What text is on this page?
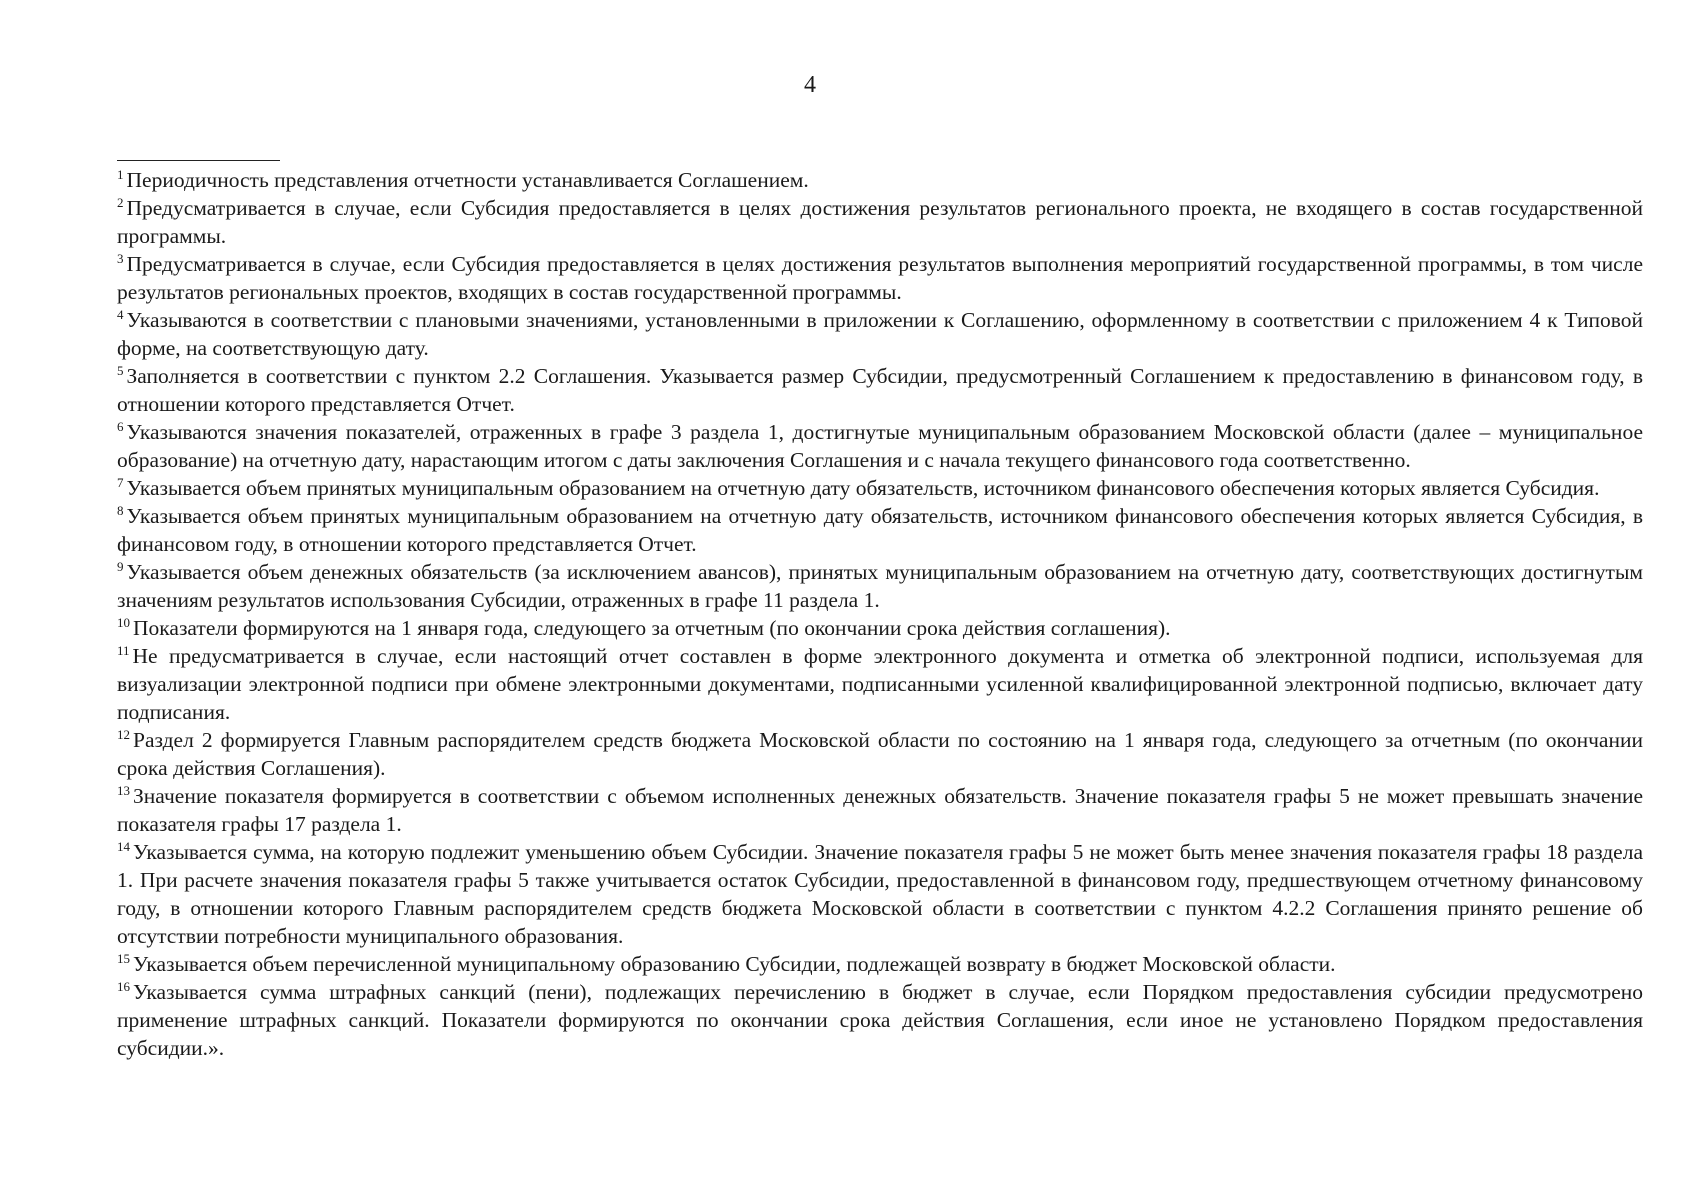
4

$^1$ Периодичность представления отчетности устанавливается Соглашением.

$^2$ Предусматривается в случае, если Субсидия предоставляется в целях достижения результатов регионального проекта, не входящего в состав государственной программы.

$^3$ Предусматривается в случае, если Субсидия предоставляется в целях достижения результатов выполнения мероприятий государственной программы, в том числе результатов региональных проектов, входящих в состав государственной программы.

$^4$ Указываются в соответствии с плановыми значениями, установленными в приложении к Соглашению, оформленному в соответствии с приложением 4 к Типовой форме, на соответствующую дату.

$^5$ Заполняется в соответствии с пунктом 2.2 Соглашения. Указывается размер Субсидии, предусмотренный Соглашением к предоставлению в финансовом году, в отношении которого представляется Отчет.

$^6$ Указываются значения показателей, отраженных в графе 3 раздела 1, достигнутые муниципальным образованием Московской области (далее – муниципальное образование) на отчетную дату, нарастающим итогом с даты заключения Соглашения и с начала текущего финансового года соответственно.

$^7$ Указывается объем принятых муниципальным образованием на отчетную дату обязательств, источником финансового обеспечения которых является Субсидия.

$^8$ Указывается объем принятых муниципальным образованием на отчетную дату обязательств, источником финансового обеспечения которых является Субсидия, в финансовом году, в отношении которого представляется Отчет.

$^9$ Указывается объем денежных обязательств (за исключением авансов), принятых муниципальным образованием на отчетную дату, соответствующих достигнутым значениям результатов использования Субсидии, отраженных в графе 11 раздела 1.

$^{10}$ Показатели формируются на 1 января года, следующего за отчетным (по окончании срока действия соглашения).

$^{11}$ Не предусматривается в случае, если настоящий отчет составлен в форме электронного документа и отметка об электронной подписи, используемая для визуализации электронной подписи при обмене электронными документами, подписанными усиленной квалифицированной электронной подписью, включает дату подписания.

$^{12}$ Раздел 2 формируется Главным распорядителем средств бюджета Московской области по состоянию на 1 января года, следующего за отчетным (по окончании срока действия Соглашения).

$^{13}$ Значение показателя формируется в соответствии с объемом исполненных денежных обязательств. Значение показателя графы 5 не может превышать значение показателя графы 17 раздела 1.

$^{14}$ Указывается сумма, на которую подлежит уменьшению объем Субсидии. Значение показателя графы 5 не может быть менее значения показателя графы 18 раздела 1. При расчете значения показателя графы 5 также учитывается остаток Субсидии, предоставленной в финансовом году, предшествующем отчетному финансовому году, в отношении которого Главным распорядителем средств бюджета Московской области в соответствии с пунктом 4.2.2 Соглашения принято решение об отсутствии потребности муниципального образования.

$^{15}$ Указывается объем перечисленной муниципальному образованию Субсидии, подлежащей возврату в бюджет Московской области.

$^{16}$ Указывается сумма штрафных санкций (пени), подлежащих перечислению в бюджет в случае, если Порядком предоставления субсидии предусмотрено применение штрафных санкций. Показатели формируются по окончании срока действия Соглашения, если иное не установлено Порядком предоставления субсидии.».
